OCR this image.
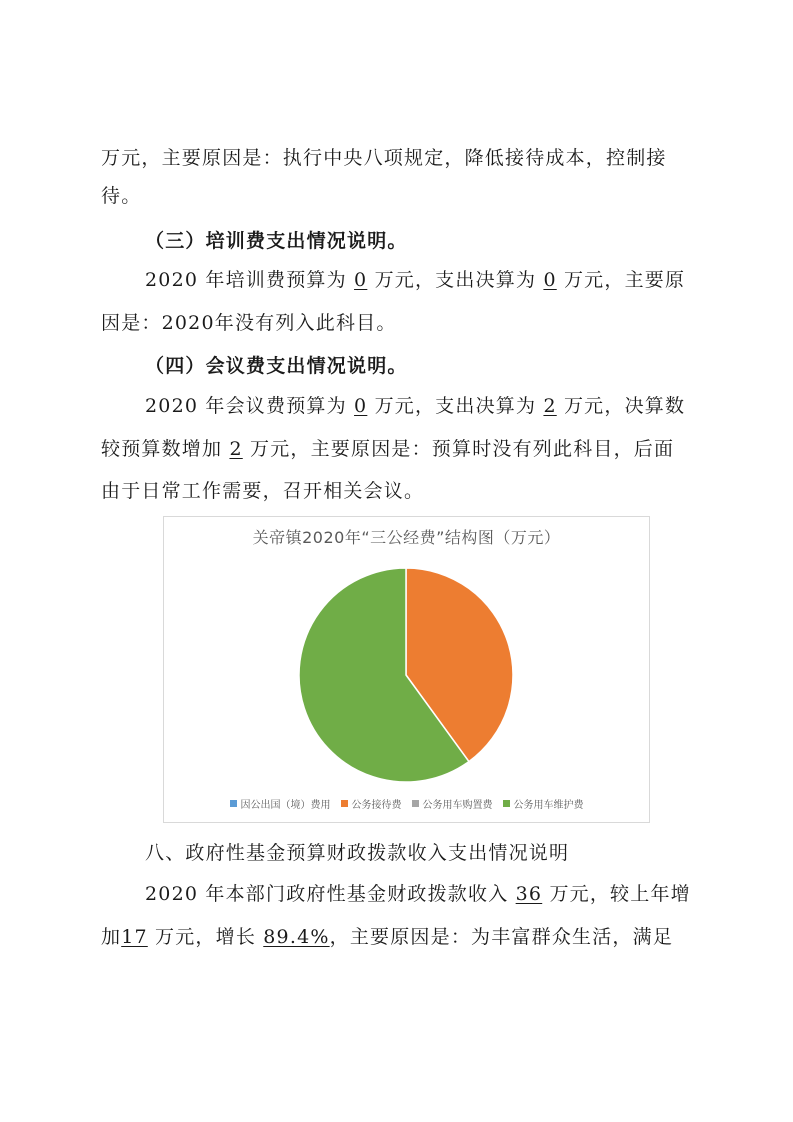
万元，主要原因是：执行中央八项规定，降低接待成本，控制接
待。
（三）培训费支出情况说明。
2020 年培训费预算为 0 万元，支出决算为 0 万元，主要原
因是：2020年没有列入此科目。
（四）会议费支出情况说明。
2020 年会议费预算为 0 万元，支出决算为 2 万元，决算数
较预算数增加 2 万元，主要原因是：预算时没有列此科目，后面
由于日常工作需要，召开相关会议。
关帝镇2020年“三公经费”结构图（万元）
因公出国（境）费用 公务接待费 公务用车购置费 公务用车维护费
八、政府性基金预算财政拨款收入支出情况说明
2020 年本部门政府性基金财政拨款收入 36 万元，较上年增
加17 万元，增长 89.4%，主要原因是：为丰富群众生活，满足
